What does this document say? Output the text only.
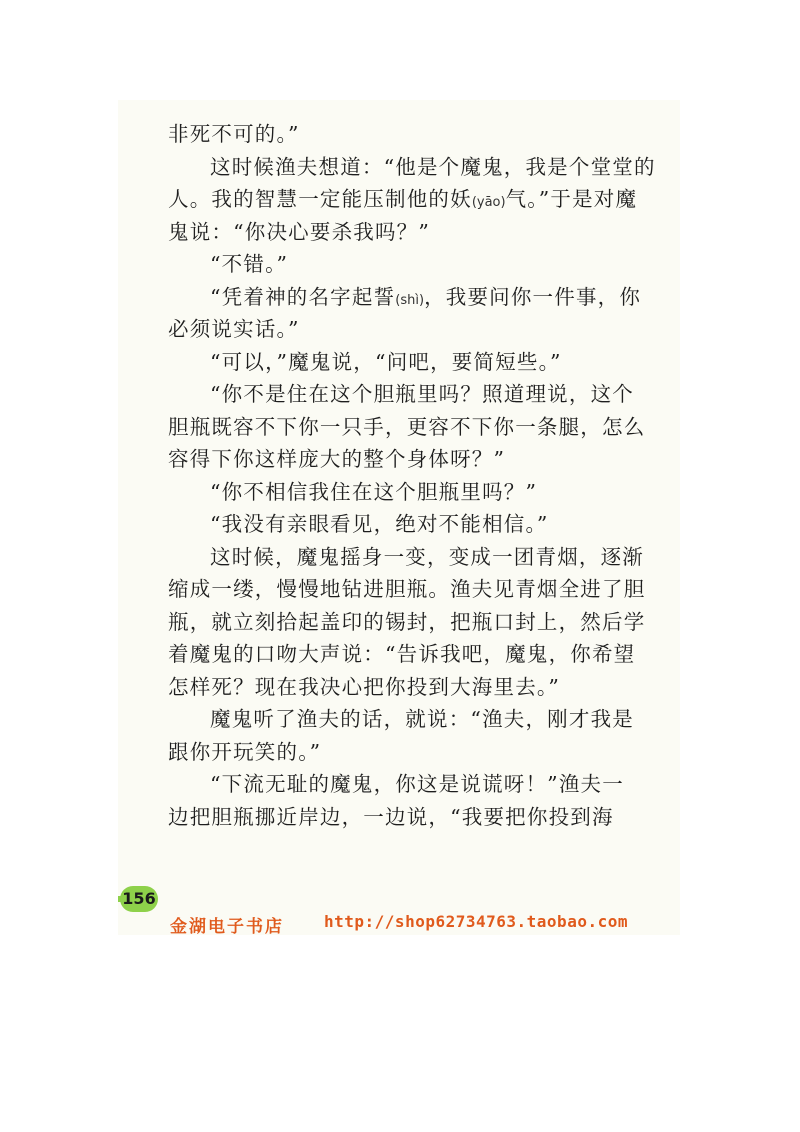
非死不可的。”
这时候渔夫想道：“他是个魔鬼，我是个堂堂的
人。我的智慧一定能压制他的妖(yāo)气。”于是对魔
鬼说：“你决心要杀我吗？”
“不错。”
“凭着神的名字起誓(shì)，我要问你一件事，你
必须说实话。”
“可以，”魔鬼说，“问吧，要简短些。”
“你不是住在这个胆瓶里吗？照道理说，这个
胆瓶既容不下你一只手，更容不下你一条腿，怎么
容得下你这样庞大的整个身体呀？”
“你不相信我住在这个胆瓶里吗？”
“我没有亲眼看见，绝对不能相信。”
这时候，魔鬼摇身一变，变成一团青烟，逐渐
缩成一缕，慢慢地钻进胆瓶。渔夫见青烟全进了胆
瓶，就立刻拾起盖印的锡封，把瓶口封上，然后学
着魔鬼的口吻大声说：“告诉我吧，魔鬼，你希望
怎样死？现在我决心把你投到大海里去。”
魔鬼听了渔夫的话，就说：“渔夫，刚才我是
跟你开玩笑的。”
“下流无耻的魔鬼，你这是说谎呀！”渔夫一
边把胆瓶挪近岸边，一边说，“我要把你投到海
156
金湖电子书店	http://shop62734763.taobao.com
